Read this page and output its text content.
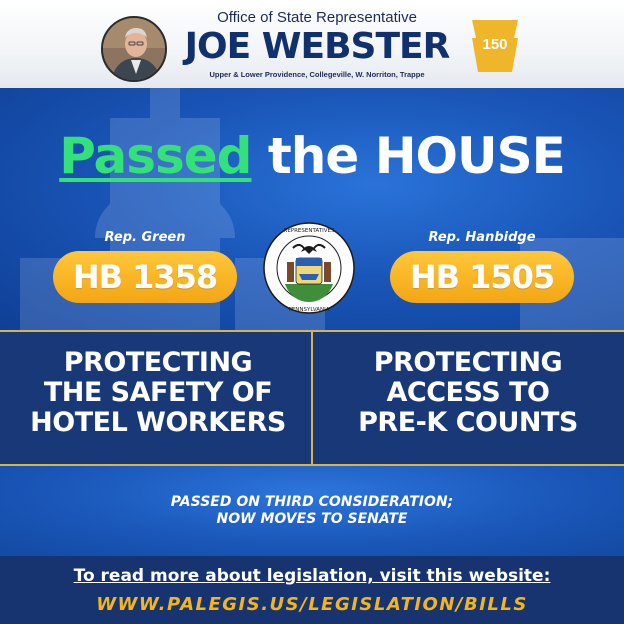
Office of State Representative
JOE WEBSTER
Upper & Lower Providence, Collegeville, W. Norriton, Trappe
150
Passed the HOUSE
Rep. Green
HB 1358
REPRESENTATIVES
PENNSYLVANIA
Rep. Hanbidge
HB 1505
PROTECTING
THE SAFETY OF
HOTEL WORKERS
PROTECTING
ACCESS TO
PRE-K COUNTS
PASSED ON THIRD CONSIDERATION;
NOW MOVES TO SENATE
To read more about legislation, visit this website:
WWW.PALEGIS.US/LEGISLATION/BILLS
